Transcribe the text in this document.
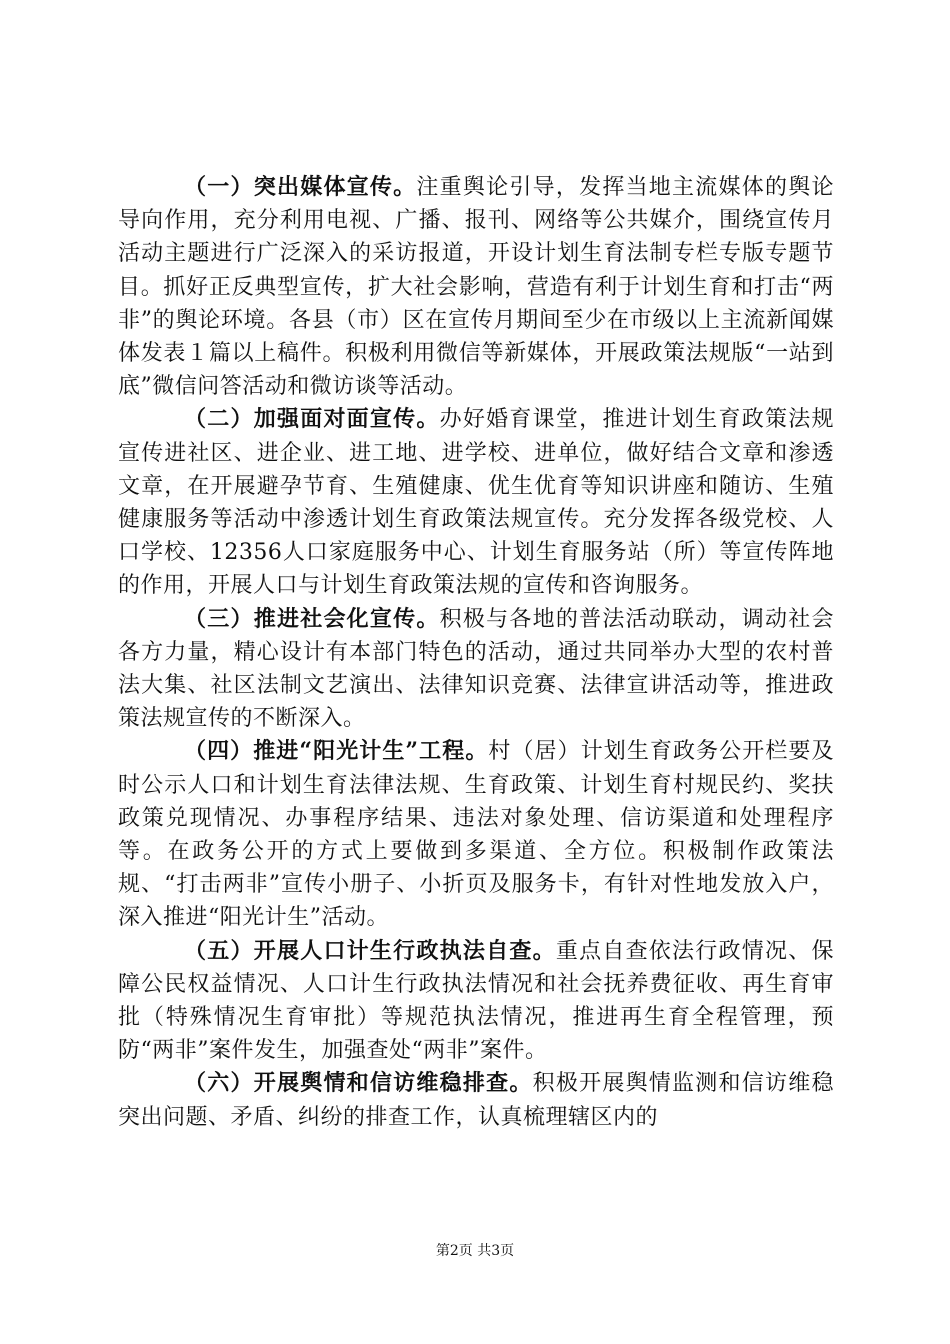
（一）突出媒体宣传。注重舆论引导，发挥当地主流媒体的舆论导向作用，充分利用电视、广播、报刊、网络等公共媒介，围绕宣传月活动主题进行广泛深入的采访报道，开设计划生育法制专栏专版专题节目。抓好正反典型宣传，扩大社会影响，营造有利于计划生育和打击“两非”的舆论环境。各县（市）区在宣传月期间至少在市级以上主流新闻媒体发表１篇以上稿件。积极利用微信等新媒体，开展政策法规版“一站到底”微信问答活动和微访谈等活动。

（二）加强面对面宣传。办好婚育课堂，推进计划生育政策法规宣传进社区、进企业、进工地、进学校、进单位，做好结合文章和渗透文章，在开展避孕节育、生殖健康、优生优育等知识讲座和随访、生殖健康服务等活动中渗透计划生育政策法规宣传。充分发挥各级党校、人口学校、12356人口家庭服务中心、计划生育服务站（所）等宣传阵地的作用，开展人口与计划生育政策法规的宣传和咨询服务。

（三）推进社会化宣传。积极与各地的普法活动联动，调动社会各方力量，精心设计有本部门特色的活动，通过共同举办大型的农村普法大集、社区法制文艺演出、法律知识竞赛、法律宣讲活动等，推进政策法规宣传的不断深入。

（四）推进“阳光计生”工程。村（居）计划生育政务公开栏要及时公示人口和计划生育法律法规、生育政策、计划生育村规民约、奖扶政策兑现情况、办事程序结果、违法对象处理、信访渠道和处理程序等。在政务公开的方式上要做到多渠道、全方位。积极制作政策法规、“打击两非”宣传小册子、小折页及服务卡，有针对性地发放入户，深入推进“阳光计生”活动。

（五）开展人口计生行政执法自查。重点自查依法行政情况、保障公民权益情况、人口计生行政执法情况和社会抚养费征收、再生育审批（特殊情况生育审批）等规范执法情况，推进再生育全程管理，预防“两非”案件发生，加强查处“两非”案件。

（六）开展舆情和信访维稳排查。积极开展舆情监测和信访维稳突出问题、矛盾、纠纷的排查工作，认真梳理辖区内的

第2页 共3页
